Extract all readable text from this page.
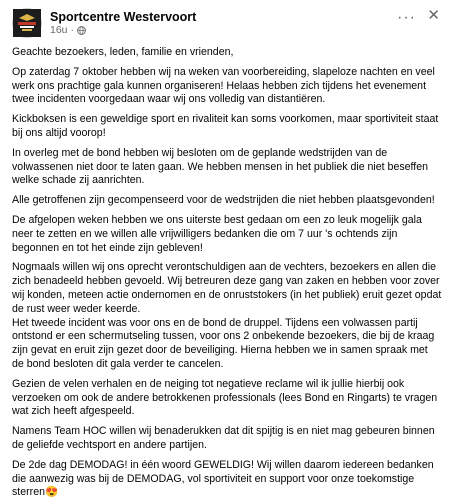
Sportcentre Westervoort
16u ·
··· ✕

Geachte bezoekers, leden, familie en vrienden,

Op zaterdag 7 oktober hebben wij na weken van voorbereiding, slapeloze nachten en veel werk ons prachtige gala kunnen organiseren! Helaas hebben zich tijdens het evenement twee incidenten voorgedaan waar wij ons volledig van distantiëren.

Kickboksen is een geweldige sport en rivaliteit kan soms voorkomen, maar sportiviteit staat bij ons altijd voorop!

In overleg met de bond hebben wij besloten om de geplande wedstrijden van de volwassenen niet door te laten gaan. We hebben mensen in het publiek die niet beseffen welke schade zij aanrichten.

Alle getroffenen zijn gecompenseerd voor de wedstrijden die niet hebben plaatsgevonden!

De afgelopen weken hebben we ons uiterste best gedaan om een zo leuk mogelijk gala neer te zetten en we willen alle vrijwilligers bedanken die om 7 uur 's ochtends zijn begonnen en tot het einde zijn gebleven!

Nogmaals willen wij ons oprecht verontschuldigen aan de vechters, bezoekers en allen die zich benadeeld hebben gevoeld. Wij betreuren deze gang van zaken en hebben voor zover wij konden, meteen actie ondernomen en de onruststokers (in het publiek) eruit gezet opdat de rust weer weder keerde.

Het tweede incident was voor ons en de bond de druppel. Tijdens een volwassen partij ontstond er een schermutseling tussen, voor ons 2 onbekende bezoekers, die bij de kraag zijn gevat en eruit zijn gezet door de beveiliging. Hierna hebben we in samen spraak met de bond besloten dit gala verder te cancelen.

Gezien de velen verhalen en de neiging tot negatieve reclame wil ik jullie hierbij ook verzoeken om ook de andere betrokkenen professionals (lees Bond en Ringarts) te vragen wat zich heeft afgespeeld.

Namens Team HOC willen wij benaderukken dat dit spijtig is en niet mag gebeuren binnen de geliefde vechtsport en andere partijen.

De 2de dag DEMODAG! in één woord GEWELDIG! Wij willen daarom iedereen bedanken die aanwezig was bij de DEMODAG, vol sportiviteit en support voor onze toekomstige sterren😍
